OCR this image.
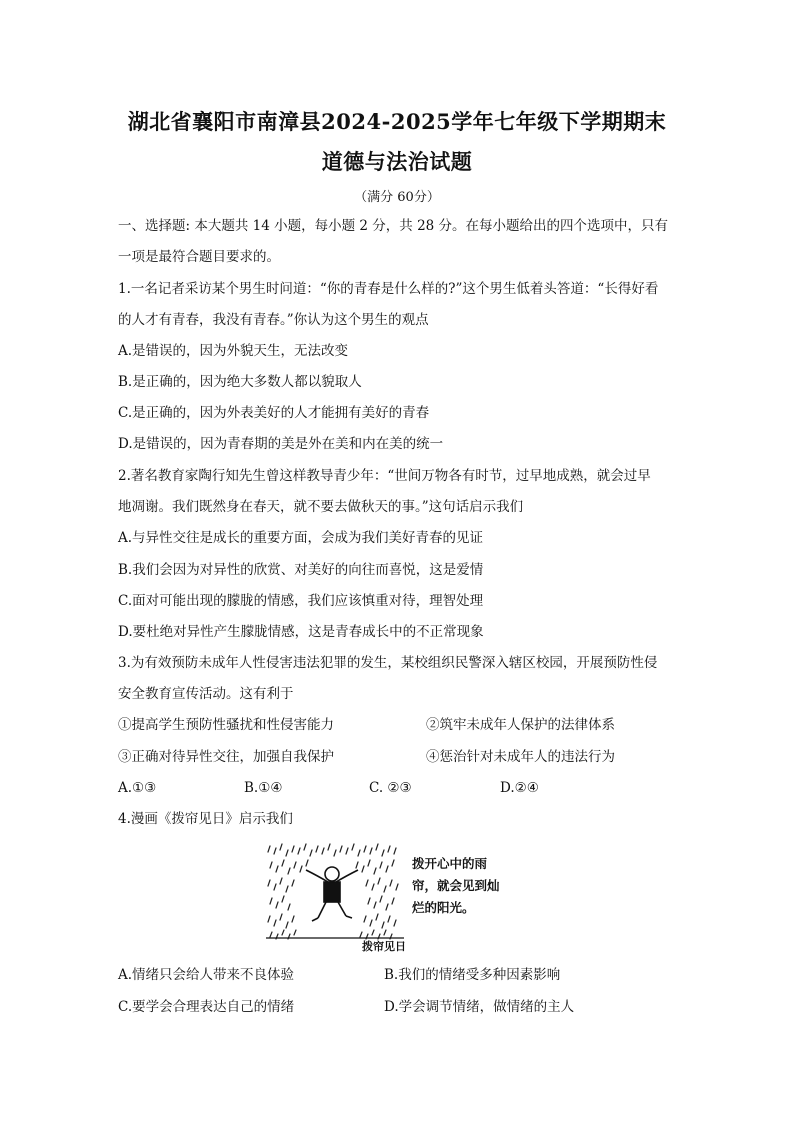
湖北省襄阳市南漳县2024-2025学年七年级下学期期末
道德与法治试题
（满分 60分）
一、选择题: 本大题共 14 小题，每小题 2 分，共 28 分。在每小题给出的四个选项中，只有
一项是最符合题目要求的。
1.一名记者采访某个男生时问道：“你的青春是什么样的?”这个男生低着头答道：“长得好看
的人才有青春，我没有青春。”你认为这个男生的观点
A.是错误的，因为外貌天生，无法改变
B.是正确的，因为绝大多数人都以貌取人
C.是正确的，因为外表美好的人才能拥有美好的青春
D.是错误的，因为青春期的美是外在美和内在美的统一
2.著名教育家陶行知先生曾这样教导青少年：“世间万物各有时节，过早地成熟，就会过早
地凋谢。我们既然身在春天，就不要去做秋天的事。”这句话启示我们
A.与异性交往是成长的重要方面，会成为我们美好青春的见证
B.我们会因为对异性的欣赏、对美好的向往而喜悦，这是爱情
C.面对可能出现的朦胧的情感，我们应该慎重对待，理智处理
D.要杜绝对异性产生朦胧情感，这是青春成长中的不正常现象
3.为有效预防未成年人性侵害违法犯罪的发生，某校组织民警深入辖区校园，开展预防性侵
安全教育宣传活动。这有利于
①提高学生预防性骚扰和性侵害能力	②筑牢未成年人保护的法律体系
③正确对待异性交往，加强自我保护	④惩治针对未成年人的违法行为
A.①③	B.①④	C. ②③	D.②④
4.漫画《拨帘见日》启示我们
拨开心中的雨
帘，就会见到灿
烂的阳光。
拨帘见日
A.情绪只会给人带来不良体验	B.我们的情绪受多种因素影响
C.要学会合理表达自己的情绪	D.学会调节情绪，做情绪的主人
